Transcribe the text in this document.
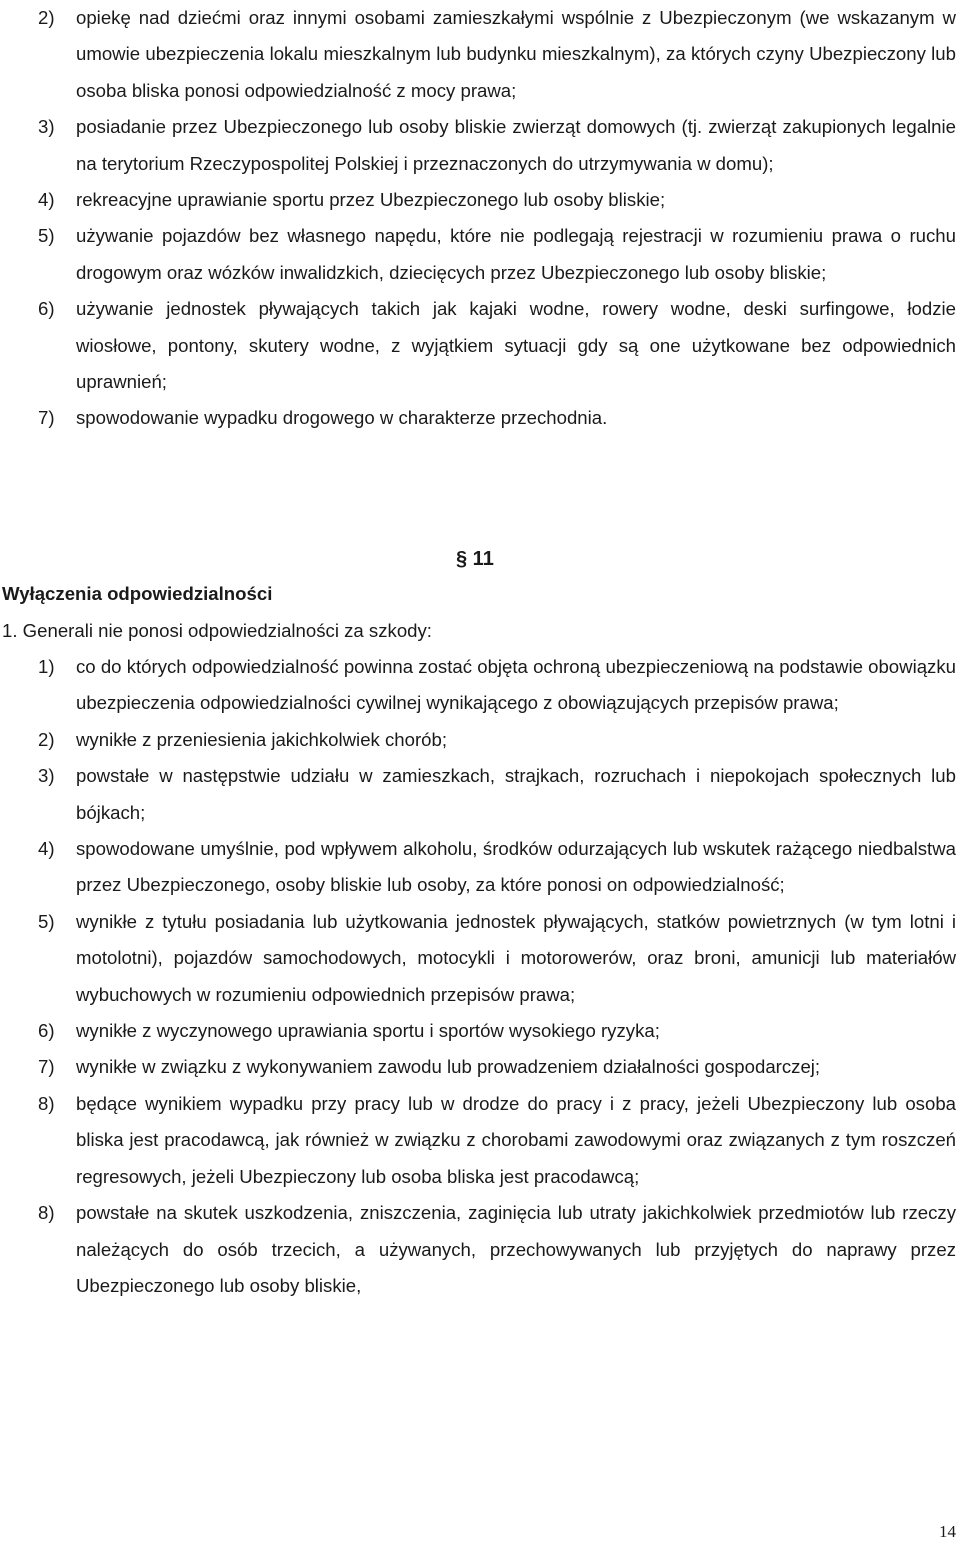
2) opiekę nad dziećmi oraz innymi osobami zamieszkałymi wspólnie z Ubezpieczonym (we wskazanym w umowie ubezpieczenia lokalu mieszkalnym lub budynku mieszkalnym), za których czyny Ubezpieczony lub osoba bliska ponosi odpowiedzialność z mocy prawa;
3) posiadanie przez Ubezpieczonego lub osoby bliskie zwierząt domowych (tj. zwierząt zakupionych legalnie na terytorium Rzeczypospolitej Polskiej i przeznaczonych do utrzymywania w domu);
4) rekreacyjne uprawianie sportu przez Ubezpieczonego lub osoby bliskie;
5) używanie pojazdów bez własnego napędu, które nie podlegają rejestracji w rozumieniu prawa o ruchu drogowym oraz wózków inwalidzkich, dziecięcych przez Ubezpieczonego lub osoby bliskie;
6) używanie jednostek pływających takich jak kajaki wodne, rowery wodne, deski surfingowe, łodzie wiosłowe, pontony, skutery wodne, z wyjątkiem sytuacji gdy są one użytkowane bez odpowiednich uprawnień;
7) spowodowanie wypadku drogowego w charakterze przechodnia.
§ 11
Wyłączenia odpowiedzialności
1. Generali nie ponosi odpowiedzialności za szkody:
1) co do których odpowiedzialność powinna zostać objęta ochroną ubezpieczeniową na podstawie obowiązku ubezpieczenia odpowiedzialności cywilnej wynikającego z obowiązujących przepisów prawa;
2) wynikłe z przeniesienia jakichkolwiek chorób;
3) powstałe w następstwie udziału w zamieszkach, strajkach, rozruchach i niepokojach społecznych lub bójkach;
4) spowodowane umyślnie, pod wpływem alkoholu, środków odurzających lub wskutek rażącego niedbalstwa przez Ubezpieczonego, osoby bliskie lub osoby, za które ponosi on odpowiedzialność;
5) wynikłe z tytułu posiadania lub użytkowania jednostek pływających, statków powietrznych (w tym lotni i motolotni), pojazdów samochodowych, motocykli i motorowerów, oraz broni, amunicji lub materiałów wybuchowych w rozumieniu odpowiednich przepisów prawa;
6) wynikłe z wyczynowego uprawiania sportu i sportów wysokiego ryzyka;
7) wynikłe w związku z wykonywaniem zawodu lub prowadzeniem działalności gospodarczej;
8) będące wynikiem wypadku przy pracy lub w drodze do pracy i z pracy, jeżeli Ubezpieczony lub osoba bliska jest pracodawcą, jak również w związku z chorobami zawodowymi oraz związanych z tym roszczeń regresowych, jeżeli Ubezpieczony lub osoba bliska jest pracodawcą;
8) powstałe na skutek uszkodzenia, zniszczenia, zaginięcia lub utraty jakichkolwiek przedmiotów lub rzeczy należących do osób trzecich, a używanych, przechowywanych lub przyjętych do naprawy przez Ubezpieczonego lub osoby bliskie,
14
